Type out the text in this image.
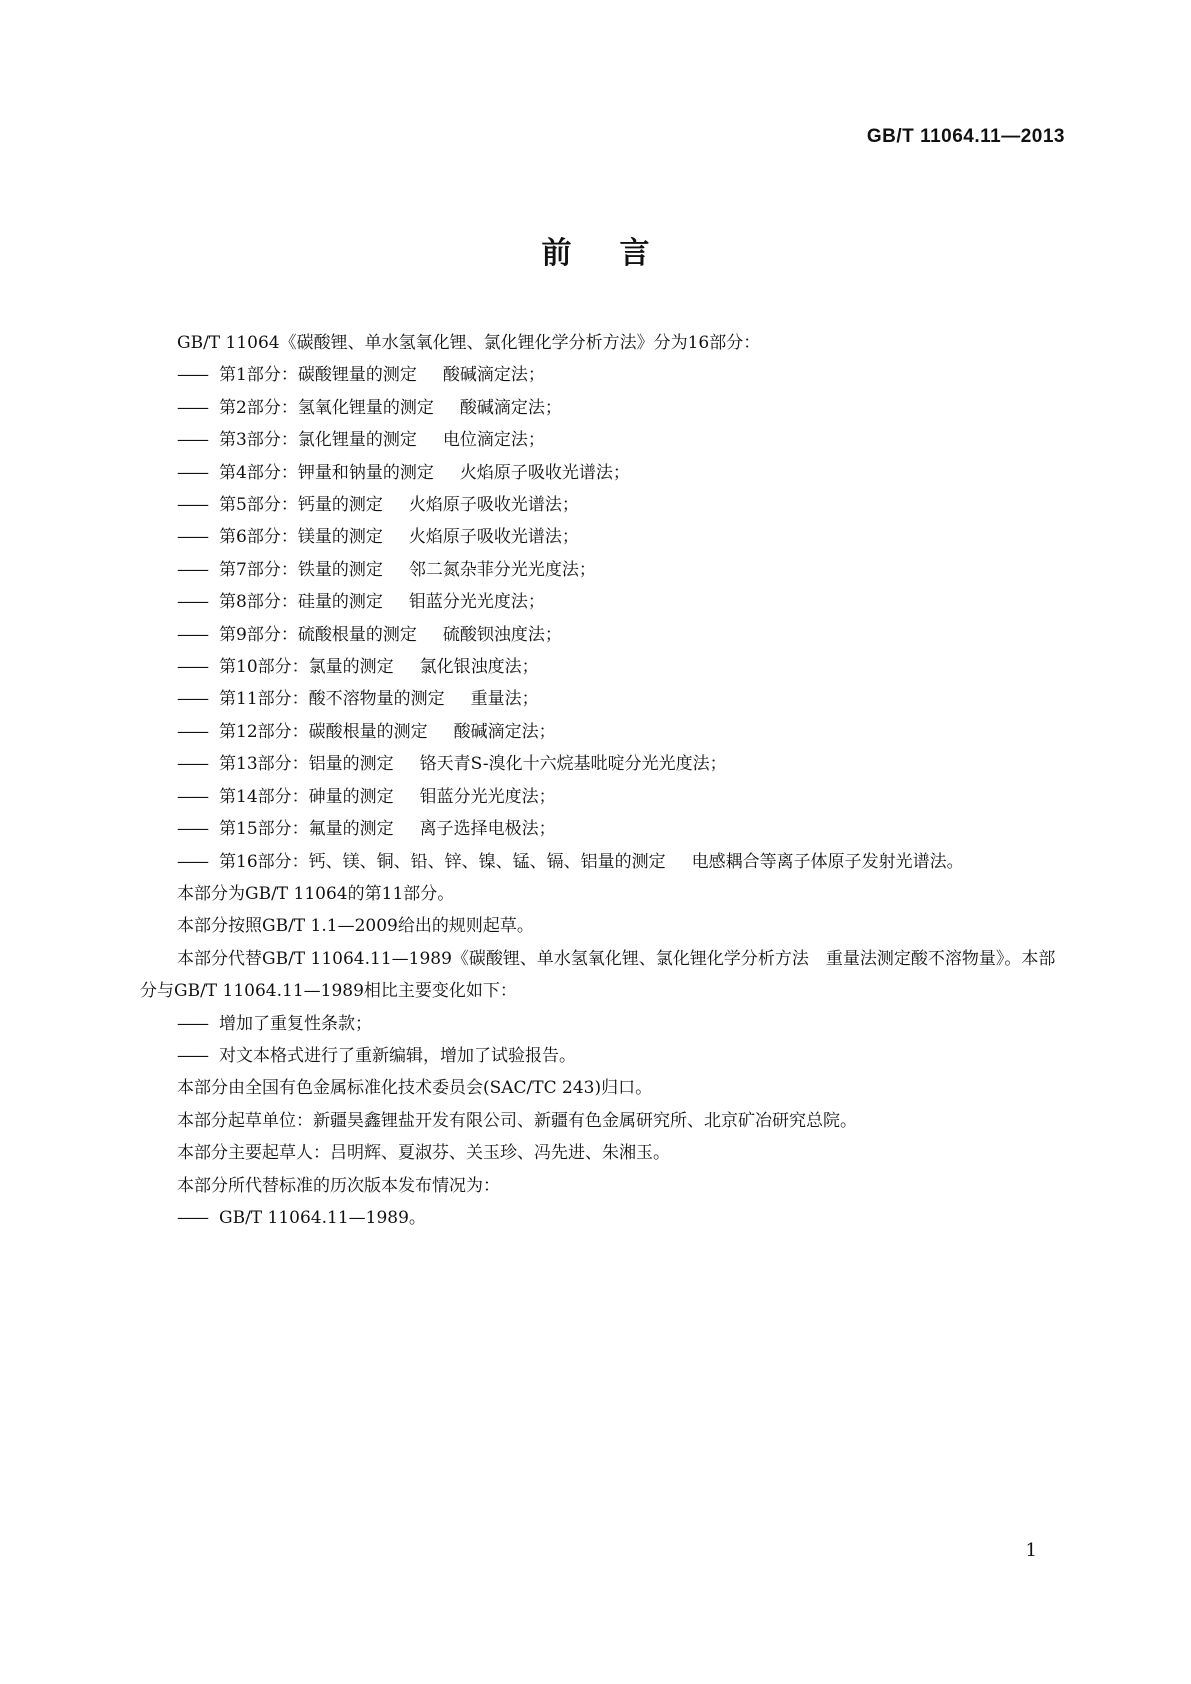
GB/T 11064.11—2013
前言
GB/T 11064《碳酸锂、单水氢氧化锂、氯化锂化学分析方法》分为16部分：
—— 第1部分：碳酸锂量的测定 酸碱滴定法；
—— 第2部分：氢氧化锂量的测定 酸碱滴定法；
—— 第3部分：氯化锂量的测定 电位滴定法；
—— 第4部分：钾量和钠量的测定 火焰原子吸收光谱法；
—— 第5部分：钙量的测定 火焰原子吸收光谱法；
—— 第6部分：镁量的测定 火焰原子吸收光谱法；
—— 第7部分：铁量的测定 邻二氮杂菲分光光度法；
—— 第8部分：硅量的测定 钼蓝分光光度法；
—— 第9部分：硫酸根量的测定 硫酸钡浊度法；
—— 第10部分：氯量的测定 氯化银浊度法；
—— 第11部分：酸不溶物量的测定 重量法；
—— 第12部分：碳酸根量的测定 酸碱滴定法；
—— 第13部分：铝量的测定 铬天青S-溴化十六烷基吡啶分光光度法；
—— 第14部分：砷量的测定 钼蓝分光光度法；
—— 第15部分：氟量的测定 离子选择电极法；
—— 第16部分：钙、镁、铜、铅、锌、镍、锰、镉、铝量的测定 电感耦合等离子体原子发射光谱法。
本部分为GB/T 11064的第11部分。
本部分按照GB/T 1.1—2009给出的规则起草。
本部分代替GB/T 11064.11—1989《碳酸锂、单水氢氧化锂、氯化锂化学分析方法　重量法测定酸不溶物量》。本部分与GB/T 11064.11—1989相比主要变化如下：
—— 增加了重复性条款；
—— 对文本格式进行了重新编辑，增加了试验报告。
本部分由全国有色金属标准化技术委员会(SAC/TC 243)归口。
本部分起草单位：新疆昊鑫锂盐开发有限公司、新疆有色金属研究所、北京矿冶研究总院。
本部分主要起草人：吕明辉、夏淑芬、关玉珍、冯先进、朱湘玉。
本部分所代替标准的历次版本发布情况为：
—— GB/T 11064.11—1989。
1
